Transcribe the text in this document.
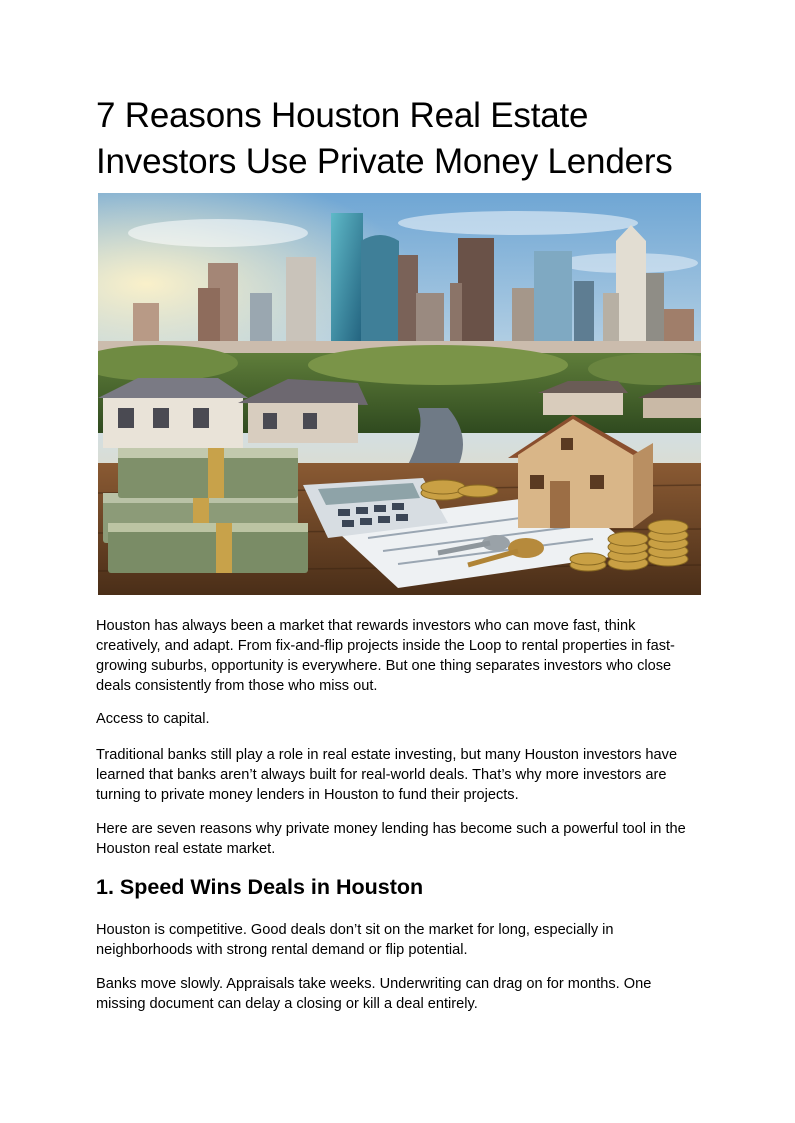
7 Reasons Houston Real Estate Investors Use Private Money Lenders

Houston has always been a market that rewards investors who can move fast, think creatively, and adapt. From fix-and-flip projects inside the Loop to rental properties in fast-growing suburbs, opportunity is everywhere. But one thing separates investors who close deals consistently from those who miss out.

Access to capital.

Traditional banks still play a role in real estate investing, but many Houston investors have learned that banks aren’t always built for real-world deals. That’s why more investors are turning to private money lenders in Houston to fund their projects.

Here are seven reasons why private money lending has become such a powerful tool in the Houston real estate market.

1. Speed Wins Deals in Houston

Houston is competitive. Good deals don’t sit on the market for long, especially in neighborhoods with strong rental demand or flip potential.

Banks move slowly. Appraisals take weeks. Underwriting can drag on for months. One missing document can delay a closing or kill a deal entirely.
